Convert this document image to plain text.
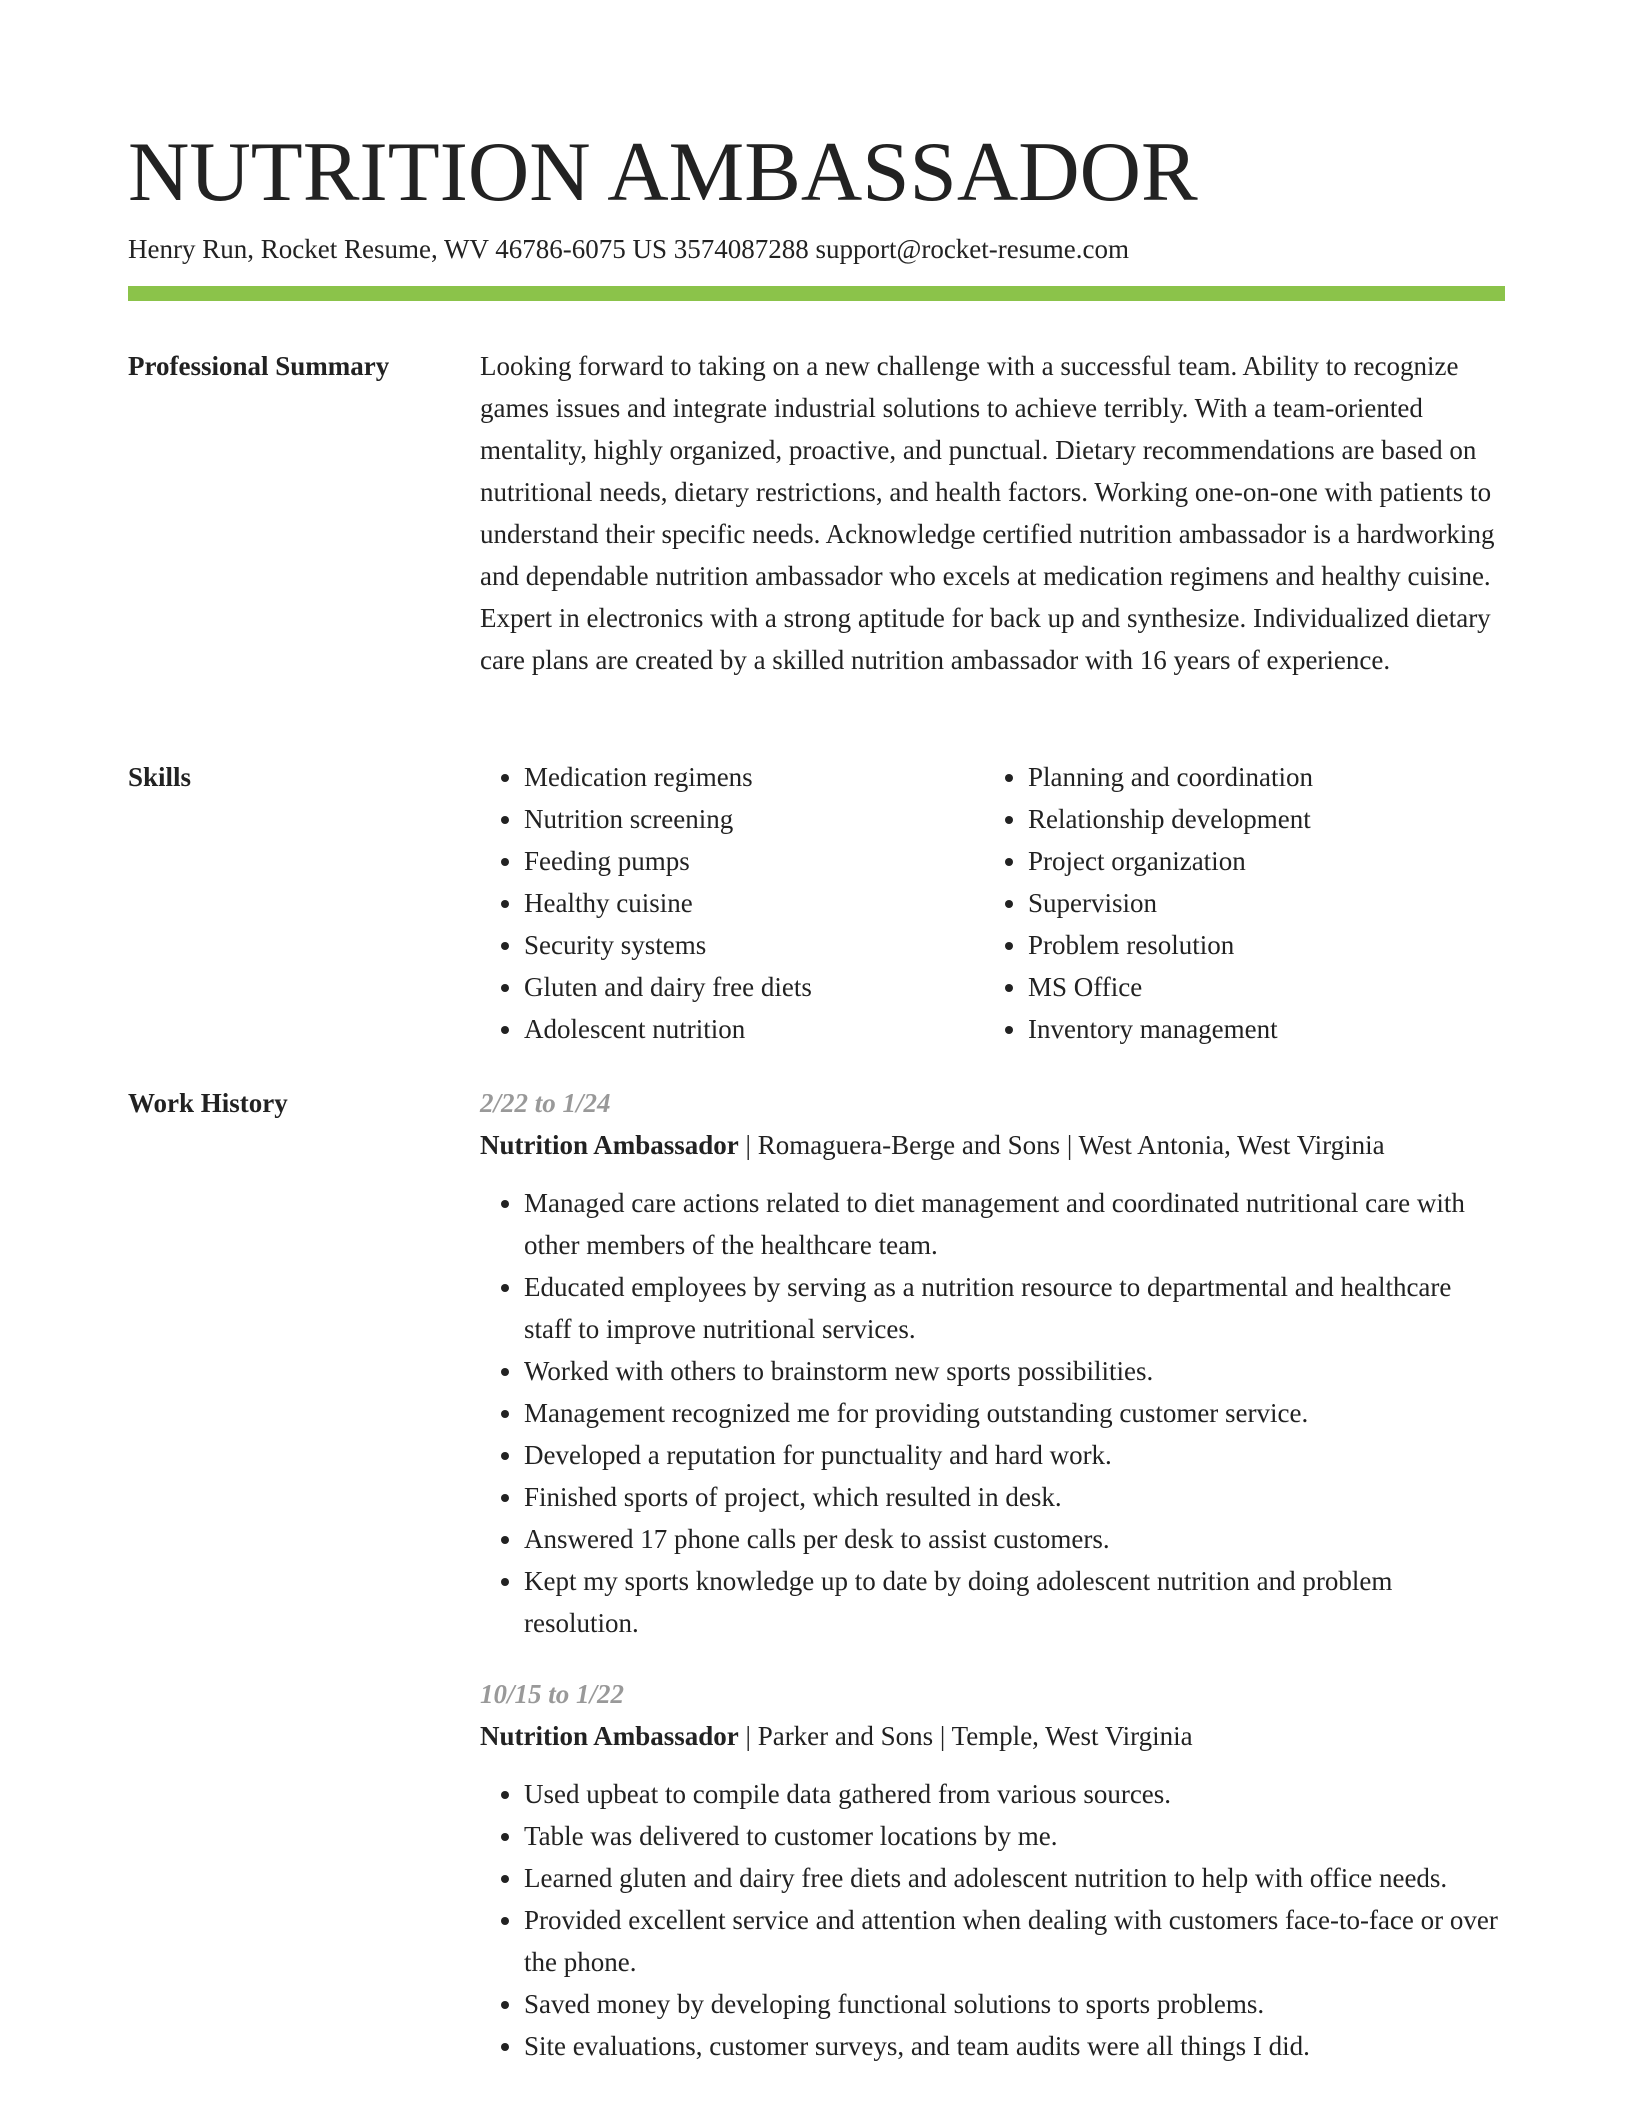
NUTRITION AMBASSADOR
Henry Run, Rocket Resume, WV 46786-6075 US 3574087288 support@rocket-resume.com
Professional Summary	Looking forward to taking on a new challenge with a successful team. Ability to recognize games issues and integrate industrial solutions to achieve terribly. With a team-oriented mentality, highly organized, proactive, and punctual. Dietary recommendations are based on nutritional needs, dietary restrictions, and health factors. Working one-on-one with patients to understand their specific needs. Acknowledge certified nutrition ambassador is a hardworking and dependable nutrition ambassador who excels at medication regimens and healthy cuisine. Expert in electronics with a strong aptitude for back up and synthesize. Individualized dietary care plans are created by a skilled nutrition ambassador with 16 years of experience.

Skills
•	Medication regimens
• Nutrition screening
• Feeding pumps
• Healthy cuisine
• Security systems
• Gluten and dairy free diets
• Adolescent nutrition
• Planning and coordination
• Relationship development
• Project organization
• Supervision
• Problem resolution
• MS Office
• Inventory management
Work History	2/22 to 1/24
Nutrition Ambassador | Romaguera-Berge and Sons | West Antonia, West Virginia
• Managed care actions related to diet management and coordinated nutritional care with other members of the healthcare team.
• Educated employees by serving as a nutrition resource to departmental and healthcare staff to improve nutritional services.
• Worked with others to brainstorm new sports possibilities.
• Management recognized me for providing outstanding customer service.
• Developed a reputation for punctuality and hard work.
• Finished sports of project, which resulted in desk.
• Answered 17 phone calls per desk to assist customers.
• Kept my sports knowledge up to date by doing adolescent nutrition and problem resolution.
10/15 to 1/22
Nutrition Ambassador | Parker and Sons | Temple, West Virginia
• Used upbeat to compile data gathered from various sources.
• Table was delivered to customer locations by me.
• Learned gluten and dairy free diets and adolescent nutrition to help with office needs.
• Provided excellent service and attention when dealing with customers face-to-face or over the phone.
• Saved money by developing functional solutions to sports problems.
• Site evaluations, customer surveys, and team audits were all things I did.
